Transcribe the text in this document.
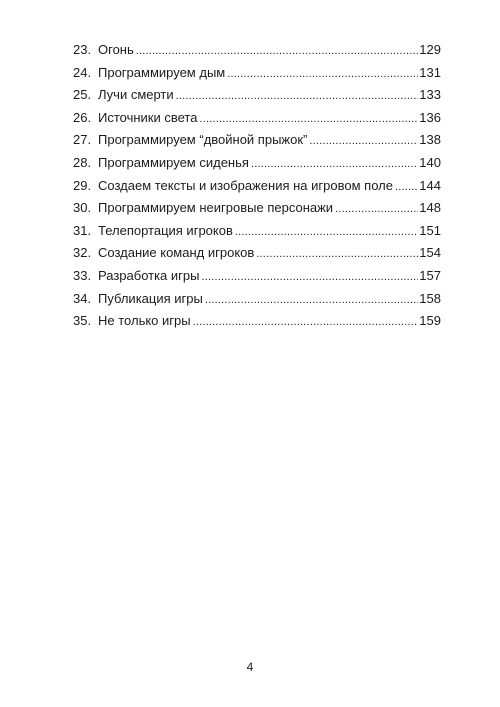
23. Огонь .....	129
24. Программируем дым .....	131
25. Лучи смерти .....	133
26. Источники света .....	136
27. Программируем “двойной прыжок” .....	138
28. Программируем сиденья .....	140
29. Создаем тексты и изображения на игровом поле ..... 144
30. Программируем неигровые персонажи .....	148
31. Телепортация игроков .....	151
32. Создание команд игроков .....	154
33. Разработка игры .....	157
34. Публикация игры .....	158
35. Не только игры .....	159
4
